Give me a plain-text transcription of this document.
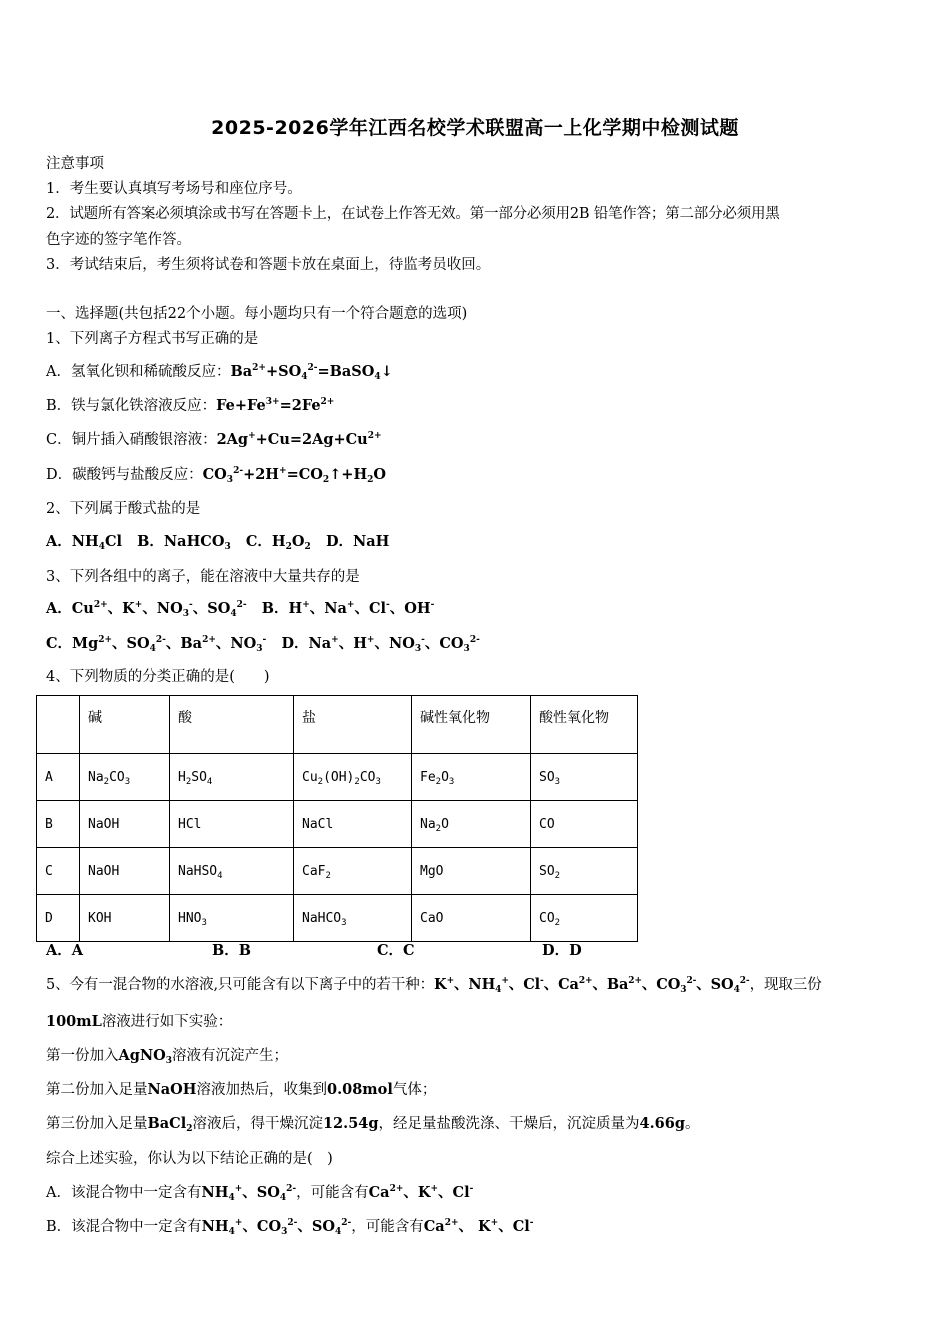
2025-2026学年江西名校学术联盟高一上化学期中检测试题
注意事项
1．考生要认真填写考场号和座位序号。
2．试题所有答案必须填涂或书写在答题卡上，在试卷上作答无效。第一部分必须用2B 铅笔作答；第二部分必须用黑
色字迹的签字笔作答。
3．考试结束后，考生须将试卷和答题卡放在桌面上，待监考员收回。
一、选择题(共包括22个小题。每小题均只有一个符合题意的选项)
1、下列离子方程式书写正确的是
A．氢氧化钡和稀硫酸反应：$Ba^{2+}+SO_4^{2-}=BaSO_4↓$
B．铁与氯化铁溶液反应：$Fe+Fe^{3+}=2Fe^{2+}$
C．铜片插入硝酸银溶液：$2Ag^++Cu=2Ag+Cu^{2+}$
D．碳酸钙与盐酸反应：$CO_3^{2-}+2H^+=CO_2↑+H_2O$
2、下列属于酸式盐的是
A．$NH_4Cl$   B．NaHCO$_3$   C．$H_2O_2$   D．NaH
3、下列各组中的离子，能在溶液中大量共存的是
A．$Cu^{2+}$、K+、$NO_3^-$、$SO_4^{2-}$   B．H+、Na+、Cl-、OH-
C．$Mg^{2+}$、$SO_4^{2-}$、$Ba^{2+}$、$NO_3^-$   D．Na+、H+、$NO_3^-$、$CO_3^{2-}$
4、下列物质的分类正确的是(　　)
	碱	酸	盐	碱性氧化物	酸性氧化物
A	$Na_2CO_3$	$H_2SO_4$	$Cu_2(OH)_2CO_3$	$Fe_2O_3$	$SO_3$
B	NaOH	HCl	NaCl	$Na_2O$	CO
C	NaOH	NaHSO$_4$	CaF$_2$	MgO	$SO_2$
D	KOH	$HNO_3$	NaHCO$_3$	CaO	$CO_2$
A．A	B．B	C．C	D．D
5、今有一混合物的水溶液,只可能含有以下离子中的若干种：K+、$NH_4^+$、Cl-、$Ca^{2+}$、$Ba^{2+}$、$CO_3^{2-}$、$SO_4^{2-}$，现取三份
100mL溶液进行如下实验：
第一份加入AgNO$_3$溶液有沉淀产生；
第二份加入足量NaOH溶液加热后，收集到0.08mol气体；
第三份加入足量BaCl$_2$溶液后，得干燥沉淀12.54g，经足量盐酸洗涤、干燥后，沉淀质量为4.66g。
综合上述实验，你认为以下结论正确的是(　)
A．该混合物中一定含有$NH_4^+$、$SO_4^{2-}$，可能含有$Ca^{2+}$、K+、Cl-
B．该混合物中一定含有$NH_4^+$、$CO_3^{2-}$、$SO_4^{2-}$，可能含有$Ca^{2+}$、 K+、Cl-
